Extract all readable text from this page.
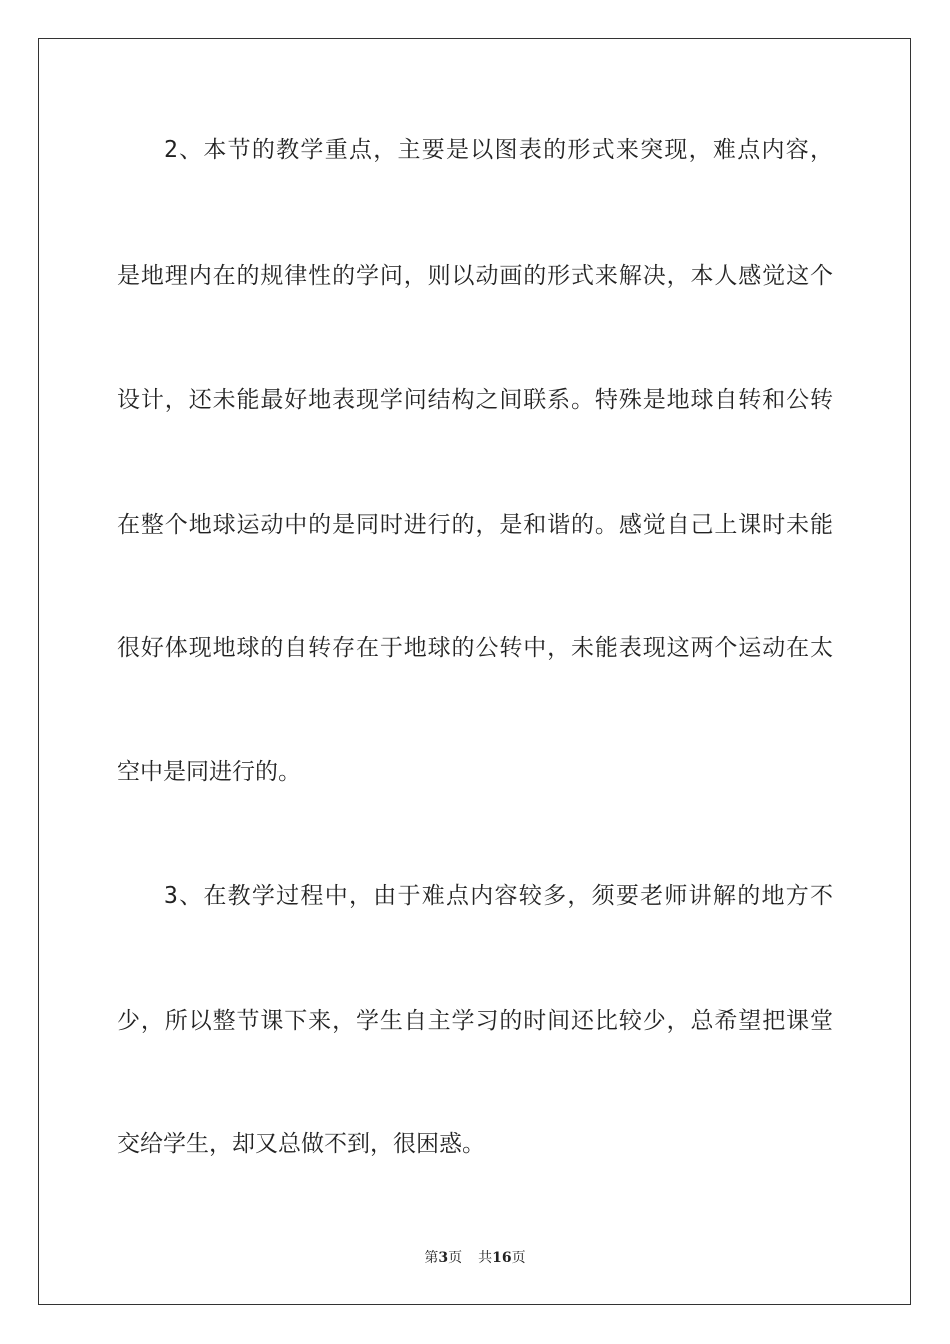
2、本节的教学重点，主要是以图表的形式来突现，难点内容，
是地理内在的规律性的学问，则以动画的形式来解决，本人感觉这个
设计，还未能最好地表现学问结构之间联系。特殊是地球自转和公转
在整个地球运动中的是同时进行的，是和谐的。感觉自己上课时未能
很好体现地球的自转存在于地球的公转中，未能表现这两个运动在太
空中是同进行的。
3、在教学过程中，由于难点内容较多，须要老师讲解的地方不
少，所以整节课下来，学生自主学习的时间还比较少，总希望把课堂
交给学生，却又总做不到，很困惑。
第3页 共16页
